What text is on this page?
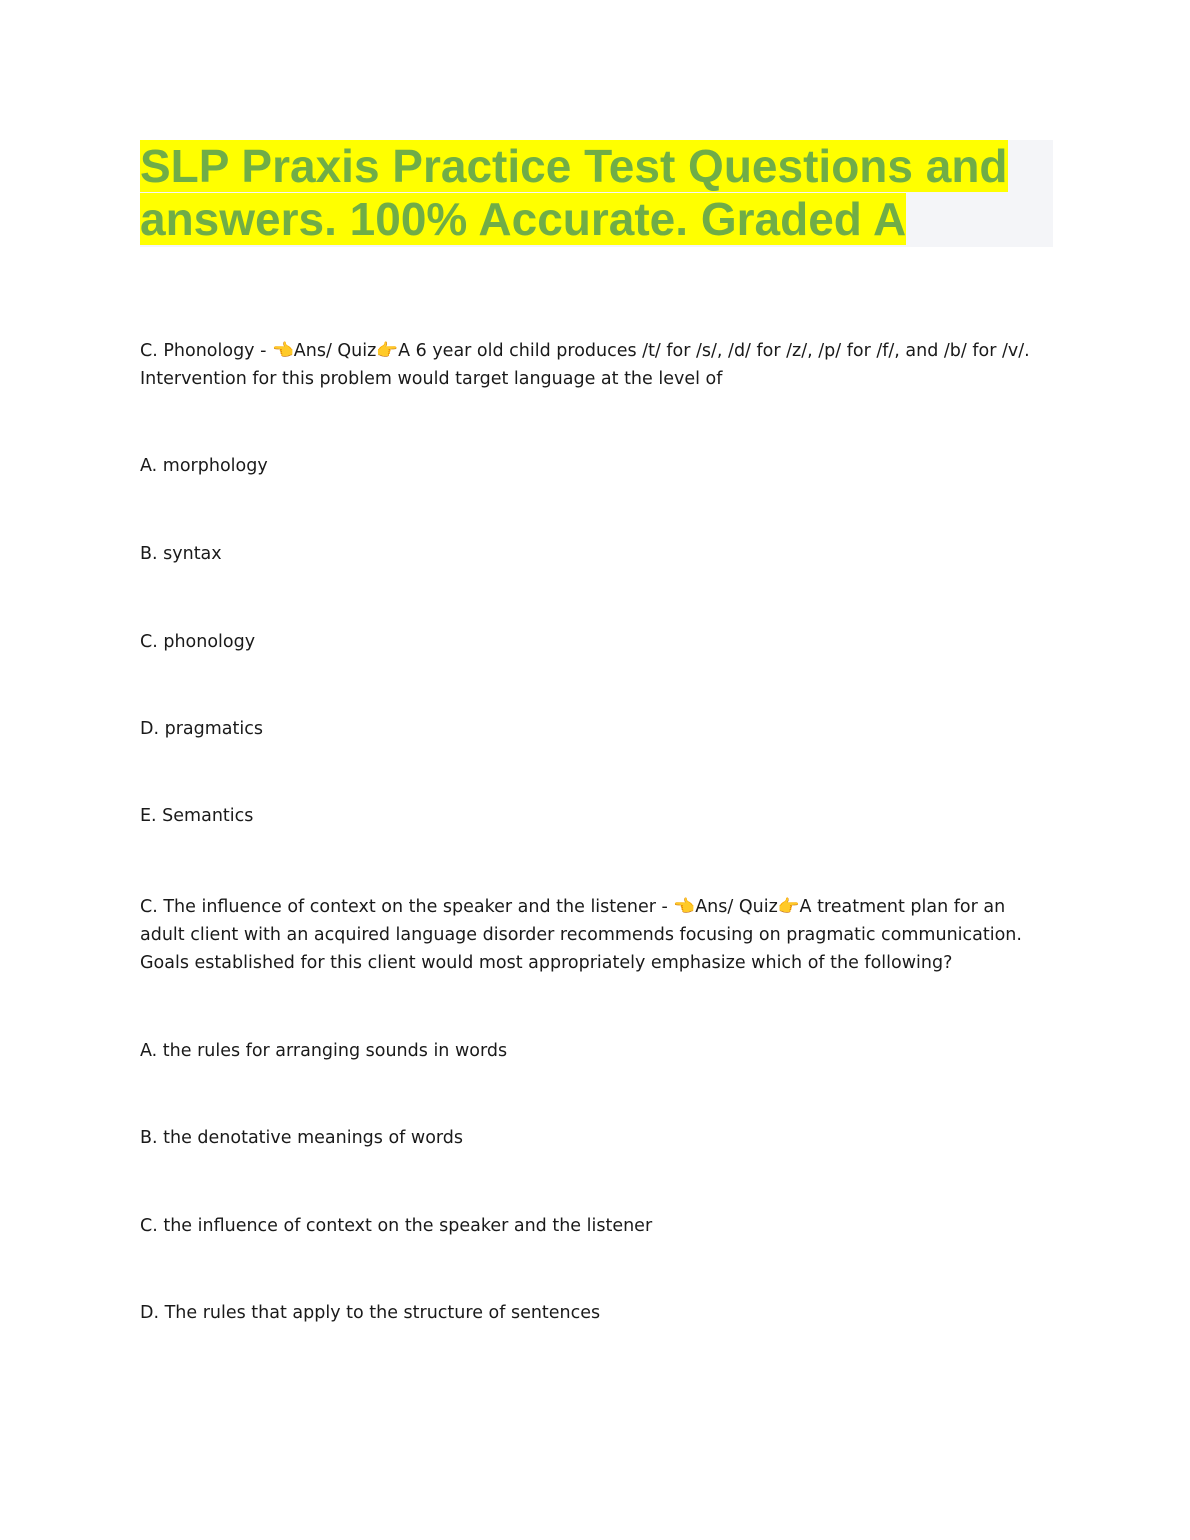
SLP Praxis Practice Test Questions and
answers. 100% Accurate. Graded A

C. Phonology - 👈Ans/ Quiz👉A 6 year old child produces /t/ for /s/, /d/ for /z/, /p/ for /f/, and /b/ for /v/. Intervention for this problem would target language at the level of

A. morphology

B. syntax

C. phonology

D. pragmatics

E. Semantics

C. The influence of context on the speaker and the listener - 👈Ans/ Quiz👉A treatment plan for an adult client with an acquired language disorder recommends focusing on pragmatic communication. Goals established for this client would most appropriately emphasize which of the following?

A. the rules for arranging sounds in words

B. the denotative meanings of words

C. the influence of context on the speaker and the listener

D. The rules that apply to the structure of sentences
